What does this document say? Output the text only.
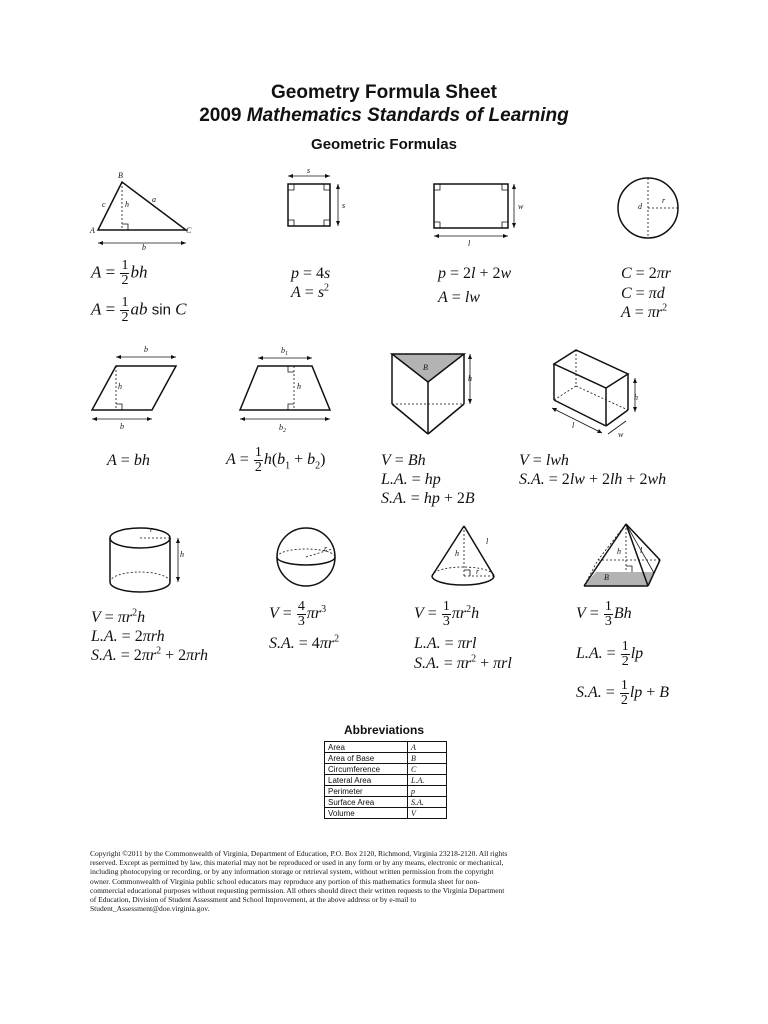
Geometry Formula Sheet
2009 Mathematics Standards of Learning
Geometric Formulas
B
c h
a
A
b
C
s
s	w
l
r
d
$A = \frac{1}{2}$ bh
$A = \frac{1}{2}$ ab sin C
p = 4s
$A = s^2$
p = 2l + 2w
A = lw
C = 2πr
C = πd
$A = \pi r^2$
b
h
b
$b_1$
h
$b_2$
B
h
h
l
w
A = bh	$A = \frac{1}{2} h(b_1 + b_2)$	V = Bh
L.A. = hp
S.A. = hp + 2B
V = lwh
S.A. = 2lw + 2lh + 2wh
r
h
r
h
l
r
h l
B
$V = \pi r^2h$
L.A. = 2πrh
S.A. = $2\pi r^2 + 2\pi rh$
$V = \frac{4}{3} \pi r^3$
S.A. = $4\pi r^2$
$V = \frac{1}{3} \pi r^2h$
L.A. = πrl
S.A. = $\pi r^2 + \pi rl$
$V = \frac{1}{3}$ Bh
L.A. = $\frac{1}{2}$ lp
S.A. = $\frac{1}{2}$ lp + B
Abbreviations
Area	A
Area of Base	B
Circumference	C
Lateral Area	L.A.
Perimeter	p
Surface Area	S.A.
Volume	V
Copyright ©2011 by the Commonwealth of Virginia, Department of Education, P.O. Box 2120, Richmond, Virginia 23218-2120. All rights reserved. Except as permitted by law, this material may not be reproduced or used in any form or by any means, electronic or mechanical, including photocopying or recording, or by any information storage or retrieval system, without written permission from the copyright owner. Commonwealth of Virginia public school educators may reproduce any portion of this mathematics formula sheet for non-commercial educational purposes without requesting permission. All others should direct their written requests to the Virginia Department of Education, Division of Student Assessment and School Improvement, at the above address or by e-mail to Student_Assessment@doe.virginia.gov.
